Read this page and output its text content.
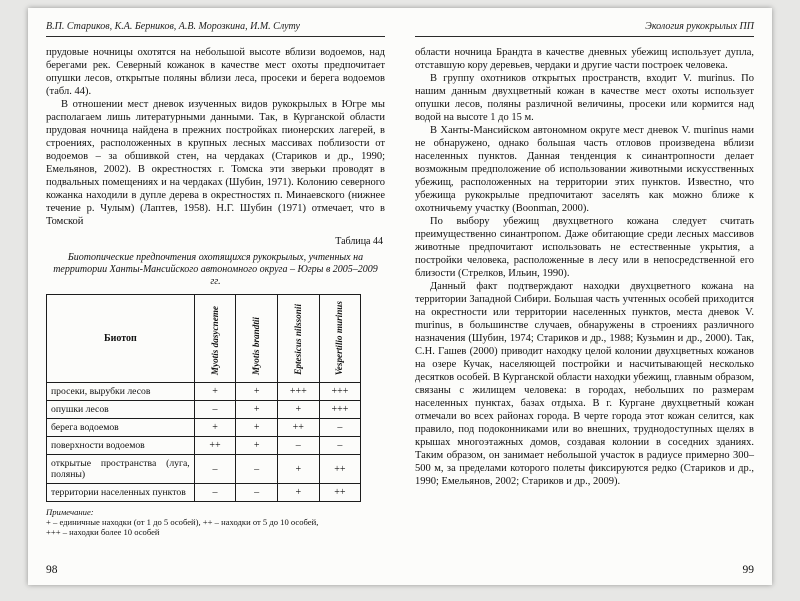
В.П. Стариков, К.А. Берников, А.В. Морозкина, И.М. Слуту

прудовые ночницы охотятся на небольшой высоте вблизи водоемов, над берегами рек. Северный кожанок в качестве мест охоты предпочитает опушки лесов, открытые поляны вблизи леса, просеки и берега водоемов (табл. 44).

В отношении мест дневок изученных видов рукокрылых в Югре мы располагаем лишь литературными данными. Так, в Курганской области прудовая ночница найдена в прежних постройках пионерских лагерей, в строениях, расположенных в крупных лесных массивах поблизости от водоемов – за обшивкой стен, на чердаках (Стариков и др., 1990; Емельянов, 2002). В окрестностях г. Томска эти зверьки проводят в подвальных помещениях и на чердаках (Шубин, 1971). Колонию северного кожанка находили в дупле дерева в окрестностях п. Минаевского (нижнее течение р. Чулым) (Лаптев, 1958). Н.Г. Шубин (1971) отмечает, что в Томской

Таблица 44
Биотопические предпочтения охотящихся рукокрылых, учтенных на территории Ханты-Мансийского автономного округа – Югры в 2005–2009 гг.
Биотоп	Myotis dasycneme	Myotis brandtii	Eptesicus nilssonii	Vespertilio murinus
просеки, вырубки лесов	+	+	+++	+++
опушки лесов	–	+	+	+++
берега водоемов	+	+	++	–
поверхности водоемов	++	+	–	–
открытые пространства (луга, поляны)	–	–	+	++
территории населенных пунктов	–	–	+	++
Примечание:
+ – единичные находки (от 1 до 5 особей), ++ – находки от 5 до 10 особей,
+++ – находки более 10 особей
98
Экология рукокрылых ПП

области ночница Брандта в качестве дневных убежищ использует дупла, отставшую кору деревьев, чердаки и другие части построек человека.

В группу охотников открытых пространств, входит V. murinus. По нашим данным двухцветный кожан в качестве мест охоты использует опушки лесов, поляны различной величины, просеки или кормится над водой на высоте 1 до 15 м.

В Ханты-Мансийском автономном округе мест дневок V. murinus нами не обнаружено, однако большая часть отловов произведена вблизи населенных пунктов. Данная тенденция к синантропности делает возможным предположение об использовании животными искусственных убежищ, расположенных на территории этих пунктов. Известно, что убежища рукокрылые предпочитают заселять как можно ближе к охотничьему участку (Boonman, 2000).

По выбору убежищ двухцветного кожана следует считать преимущественно синантропом. Даже обитающие среди лесных массивов животные предпочитают использовать не естественные укрытия, а постройки человека, расположенные в лесу или в непосредственной его близости (Стрелков, Ильин, 1990).

Данный факт подтверждают находки двухцветного кожана на территории Западной Сибири. Большая часть учтенных особей приходится на окрестности или территории населенных пунктов, места дневок V. murinus, в большинстве случаев, обнаружены в строениях различного назначения (Шубин, 1974; Стариков и др., 1988; Кузьмин и др., 2000). Так, С.Н. Гашев (2000) приводит находку целой колонии двухцветных кожанов на озере Кучак, населяющей постройки и насчитывающей несколько десятков особей. В Курганской области находки убежищ, главным образом, связаны с жилищем человека: в городах, небольших по размерам населенных пунктах, базах отдыха. В г. Кургане двухцветный кожан отмечали во всех районах города. В черте города этот кожан селится, как правило, под подоконниками или во внешних, труднодоступных щелях в крышах многоэтажных домов, создавая колонии в соседних зданиях. Таким образом, он занимает небольшой участок в радиусе примерно 300–500 м, за пределами которого полеты фиксируются редко (Стариков и др., 1990; Емельянов, 2002; Стариков и др., 2009).

99
